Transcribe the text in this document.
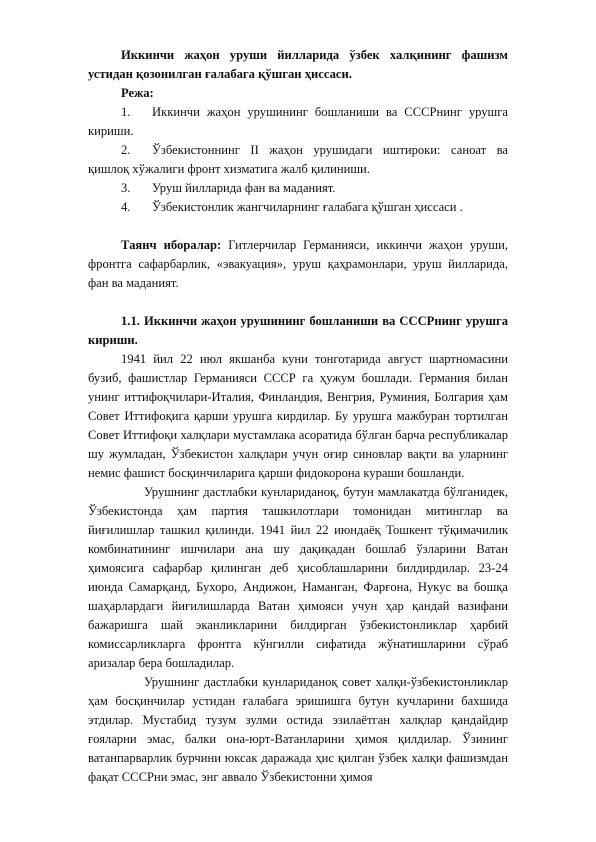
Иккинчи жаҳон уруши йилларида ўзбек халқининг фашизм устидан қозонилган ғалабага қўшган ҳиссаси.

Режа:

1. Иккинчи жаҳон урушининг бошланиши ва СССРнинг урушга кириши.

2. Ўзбекистоннинг II жаҳон урушидаги иштироки: саноат ва қишлоқ хўжалиги фронт хизматига жалб қилиниши.

3. Уруш йилларида фан ва маданият.

4. Ўзбекистонлик жангчиларнинг ғалабага қўшган ҳиссаси .

Таянч иборалар: Гитлерчилар Германияси, иккинчи жаҳон уруши, фронтга сафарбарлик, «эвакуация», уруш қаҳрамонлари, уруш йилларида, фан ва маданият.

1.1. Иккинчи жаҳон урушининг бошланиши ва СССРнинг урушга кириши.

1941 йил 22 июл якшанба куни тонготарида август шартномасини бузиб, фашистлар Германияси СССР га ҳужум бошлади. Германия билан унинг иттифоқчилари-Италия, Финландия, Венгрия, Руминия, Болгария ҳам Совет Иттифоқига қарши урушга кирдилар. Бу урушга мажбуран тортилган Совет Иттифоқи халқлари мустамлака асоратида бўлган барча республикалар шу жумладан, Ўзбекистон халқлари учун оғир синовлар вақти ва уларнинг немис фашист босқинчиларига қарши фидокорона кураши бошланди.

Урушнинг дастлабки кунлариданоқ, бутун мамлакатда бўлганидек, Ўзбекистонда ҳам партия ташкилотлари томонидан митинглар ва йиғилишлар ташкил қилинди. 1941 йил 22 июндаёқ Тошкент тўқимачилик комбинатининг ишчилари ана шу дақиқадан бошлаб ўзларини Ватан ҳимоясига сафарбар қилинган деб ҳисоблашларини билдирдилар. 23-24 июнда Самарқанд, Бухоро, Андижон, Наманган, Фарғона, Нукус ва бошқа шаҳарлардаги йиғилишларда Ватан ҳимояси учун ҳар қандай вазифани бажаришга шай эканликларини билдирган ўзбекистонликлар ҳарбий комиссарликларга фронтга кўнгилли сифатида жўнатишларини сўраб аризалар бера бошладилар.

Урушнинг дастлабки кунлариданоқ совет халқи-ўзбекистонликлар ҳам босқинчилар устидан ғалабага эришишга бутун кучларини бахшида этдилар. Мустабид тузум зулми остида эзилаётган халқлар қандайдир ғояларни эмас, балки она-юрт-Ватанларини ҳимоя қилдилар. Ўзининг ватанпарварлик бурчини юксак даражада ҳис қилган ўзбек халқи фашизмдан фақат СССРни эмас, энг аввало Ўзбекистонни ҳимоя
